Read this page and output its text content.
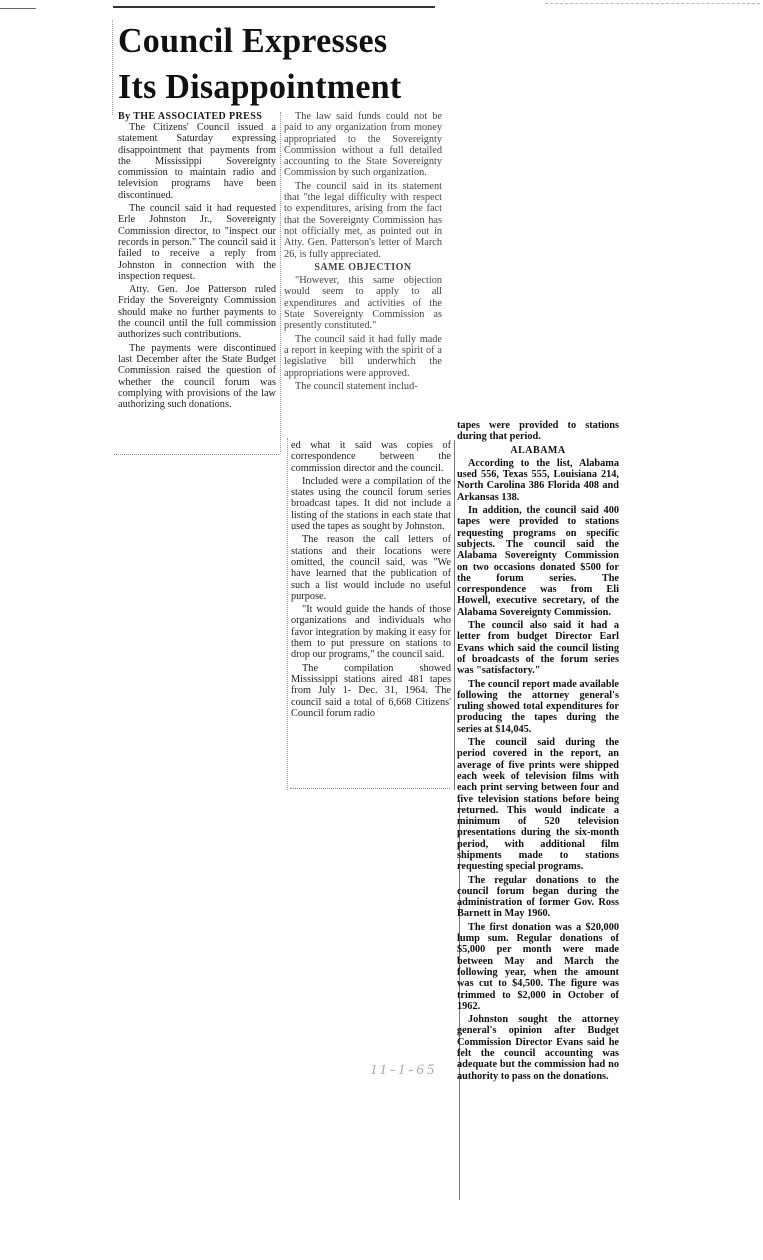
Council Expresses
Its Disappointment
By THE ASSOCIATED PRESS

The Citizens' Council issued a statement Saturday expressing disappointment that payments from the Mississippi Sovereignty commission to maintain radio and television programs have been discontinued.

The council said it had requested Erle Johnston Jr., Sovereignty Commission director, to "inspect our records in person." The council said it failed to receive a reply from Johnston in connection with the inspection request.

Atty. Gen. Joe Patterson ruled Friday the Sovereignty Commission should make no further payments to the council until the full commission authorizes such contributions.

The payments were discontinued last December after the State Budget Commission raised the question of whether the council forum was complying with provisions of the law authorizing such donations.

The law said funds could not be paid to any organization from money appropriated to the Sovereignty Commission without a full detailed accounting to the State Sovereignty Commission by such organization.

The council said in its statement that "the legal difficulty with respect to expenditures, arising from the fact that the Sovereignty Commission has not officially met, as pointed out in Atty. Gen. Patterson's letter of March 26, is fully appreciated.

SAME OBJECTION

"However, this same objection would seem to apply to all expenditures and activities of the State Sovereignty Commission as presently constituted."

The council said it had fully made a report in keeping with the spirit of a legislative bill underwhich the appropriations were approved.

The council statement includ-

ed what it said was copies of correspondence between the commission director and the council.

Included were a compilation of the states using the council forum series broadcast tapes. It did not include a listing of the stations in each state that used the tapes as sought by Johnston.

The reason the call letters of stations and their locations were omitted, the council said, was "We have learned that the publication of such a list would include no useful purpose.

"It would guide the hands of those organizations and individuals who favor integration by making it easy for them to put pressure on stations to drop our programs," the council said.

The compilation showed Mississippi stations aired 481 tapes from July 1- Dec. 31, 1964. The council said a total of 6,668 Citizens' Council forum radio

tapes were provided to stations during that period.

ALABAMA

According to the list, Alabama used 556, Texas 555, Louisiana 214, North Carolina 386 Florida 408 and Arkansas 138.

In addition, the council said 400 tapes were provided to stations requesting programs on specific subjects. The council said the Alabama Sovereignty Commission on two occasions donated $500 for the forum series. The correspondence was from Eli Howell, executive secretary, of the Alabama Sovereignty Commission.

The council also said it had a letter from budget Director Earl Evans which said the council listing of broadcasts of the forum series was "satisfactory."

The council report made available following the attorney general's ruling showed total expenditures for producing the tapes during the series at $14,045.

The council said during the period covered in the report, an average of five prints were shipped each week of television films with each print serving between four and five television stations before being returned. This would indicate a minimum of 520 television presentations during the six-month period, with additional film shipments made to stations requesting special programs.

The regular donations to the council forum began during the administration of former Gov. Ross Barnett in May 1960.

The first donation was a $20,000 lump sum. Regular donations of $5,000 per month were made between May and March the following year, when the amount was cut to $4,500. The figure was trimmed to $2,000 in October of 1962.

Johnston sought the attorney general's opinion after Budget Commission Director Evans said he felt the council accounting was adequate but the commission had no authority to pass on the donations.

11-1-65
